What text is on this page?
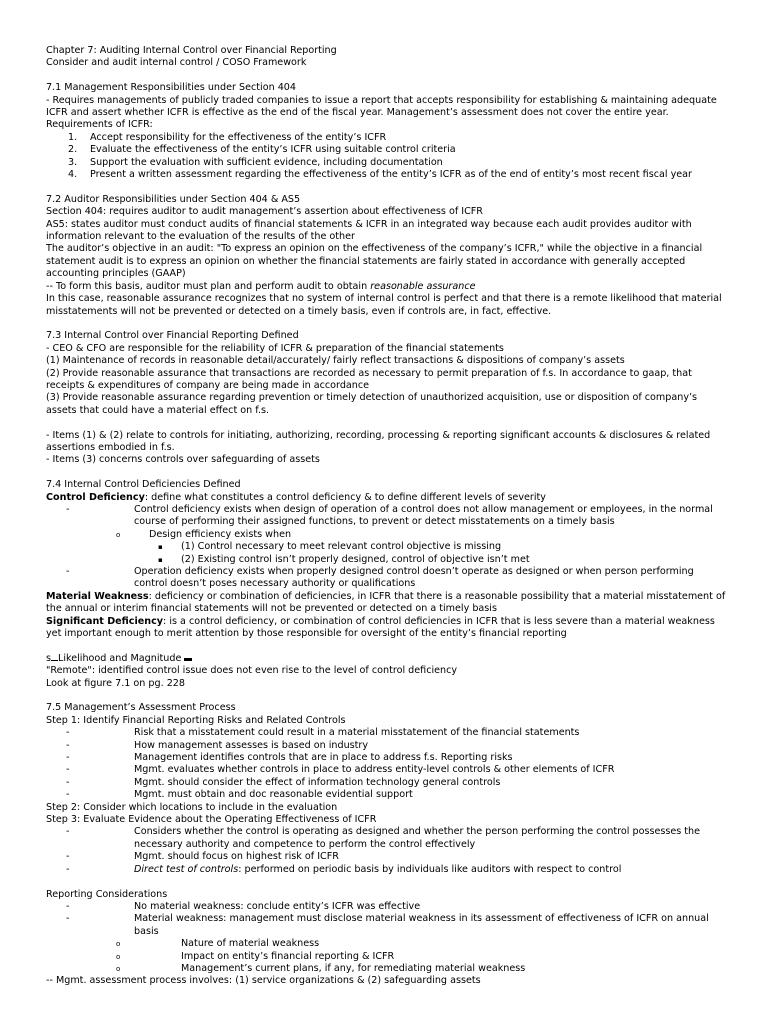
Chapter 7: Auditing Internal Control over Financial Reporting
Consider and audit internal control / COSO Framework
7.1 Management Responsibilities under Section 404
- Requires managements of publicly traded companies to issue a report that accepts responsibility for establishing & maintaining adequate ICFR and assert whether ICFR is effective as the end of the fiscal year. Management’s assessment does not cover the entire year.
Requirements of ICFR:
1. Accept responsibility for the effectiveness of the entity’s ICFR
2. Evaluate the effectiveness of the entity’s ICFR using suitable control criteria
3. Support the evaluation with sufficient evidence, including documentation
4. Present a written assessment regarding the effectiveness of the entity’s ICFR as of the end of entity’s most recent fiscal year
7.2 Auditor Responsibilities under Section 404 & AS5
Section 404: requires auditor to audit management’s assertion about effectiveness of ICFR
AS5: states auditor must conduct audits of financial statements & ICFR in an integrated way because each audit provides auditor with information relevant to the evaluation of the results of the other
The auditor’s objective in an audit: "To express an opinion on the effectiveness of the company’s ICFR," while the objective in a financial statement audit is to express an opinion on whether the financial statements are fairly stated in accordance with generally accepted accounting principles (GAAP)
-- To form this basis, auditor must plan and perform audit to obtain reasonable assurance
In this case, reasonable assurance recognizes that no system of internal control is perfect and that there is a remote likelihood that material misstatements will not be prevented or detected on a timely basis, even if controls are, in fact, effective.
7.3 Internal Control over Financial Reporting Defined
- CEO & CFO are responsible for the reliability of ICFR & preparation of the financial statements
(1) Maintenance of records in reasonable detail/accurately/ fairly reflect transactions & dispositions of company’s assets
(2) Provide reasonable assurance that transactions are recorded as necessary to permit preparation of f.s. In accordance to gaap, that receipts & expenditures of company are being made in accordance
(3) Provide reasonable assurance regarding prevention or timely detection of unauthorized acquisition, use or disposition of company’s assets that could have a material effect on f.s.
- Items (1) & (2) relate to controls for initiating, authorizing, recording, processing & reporting significant accounts & disclosures & related assertions embodied in f.s.
- Items (3) concerns controls over safeguarding of assets
7.4 Internal Control Deficiencies Defined
Control Deficiency: define what constitutes a control deficiency & to define different levels of severity
-	Control deficiency exists when design of operation of a control does not allow management or employees, in the normal course of performing their assigned functions, to prevent or detect misstatements on a timely basis
o	Design efficiency exists when
▪ (1) Control necessary to meet relevant control objective is missing
▪ (2) Existing control isn’t properly designed, control of objective isn’t met
-	Operation deficiency exists when properly designed control doesn’t operate as designed or when person performing control doesn’t poses necessary authority or qualifications
Material Weakness: deficiency or combination of deficiencies, in ICFR that there is a reasonable possibility that a material misstatement of the annual or interim financial statements will not be prevented or detected on a timely basis
Significant Deficiency: is a control deficiency, or combination of control deficiencies in ICFR that is less severe than a material weakness yet important enough to merit attention by those responsible for oversight of the entity’s financial reporting
s Likelihood and Magnitude
"Remote": identified control issue does not even rise to the level of control deficiency
Look at figure 7.1 on pg. 228
7.5 Management’s Assessment Process
Step 1: Identify Financial Reporting Risks and Related Controls
-	Risk that a misstatement could result in a material misstatement of the financial statements
-	How management assesses is based on industry
-	Management identifies controls that are in place to address f.s. Reporting risks
-	Mgmt. evaluates whether controls in place to address entity-level controls & other elements of ICFR
-	Mgmt. should consider the effect of information technology general controls
-	Mgmt. must obtain and doc reasonable evidential support
Step 2: Consider which locations to include in the evaluation
Step 3: Evaluate Evidence about the Operating Effectiveness of ICFR
-	Considers whether the control is operating as designed and whether the person performing the control possesses the necessary authority and competence to perform the control effectively
-	Mgmt. should focus on highest risk of ICFR
-	Direct test of controls: performed on periodic basis by individuals like auditors with respect to control
Reporting Considerations
-	No material weakness: conclude entity’s ICFR was effective
-	Material weakness: management must disclose material weakness in its assessment of effectiveness of ICFR on annual basis
o	Nature of material weakness
o	Impact on entity’s financial reporting & ICFR
o	Management’s current plans, if any, for remediating material weakness
-- Mgmt. assessment process involves: (1) service organizations & (2) safeguarding assets
